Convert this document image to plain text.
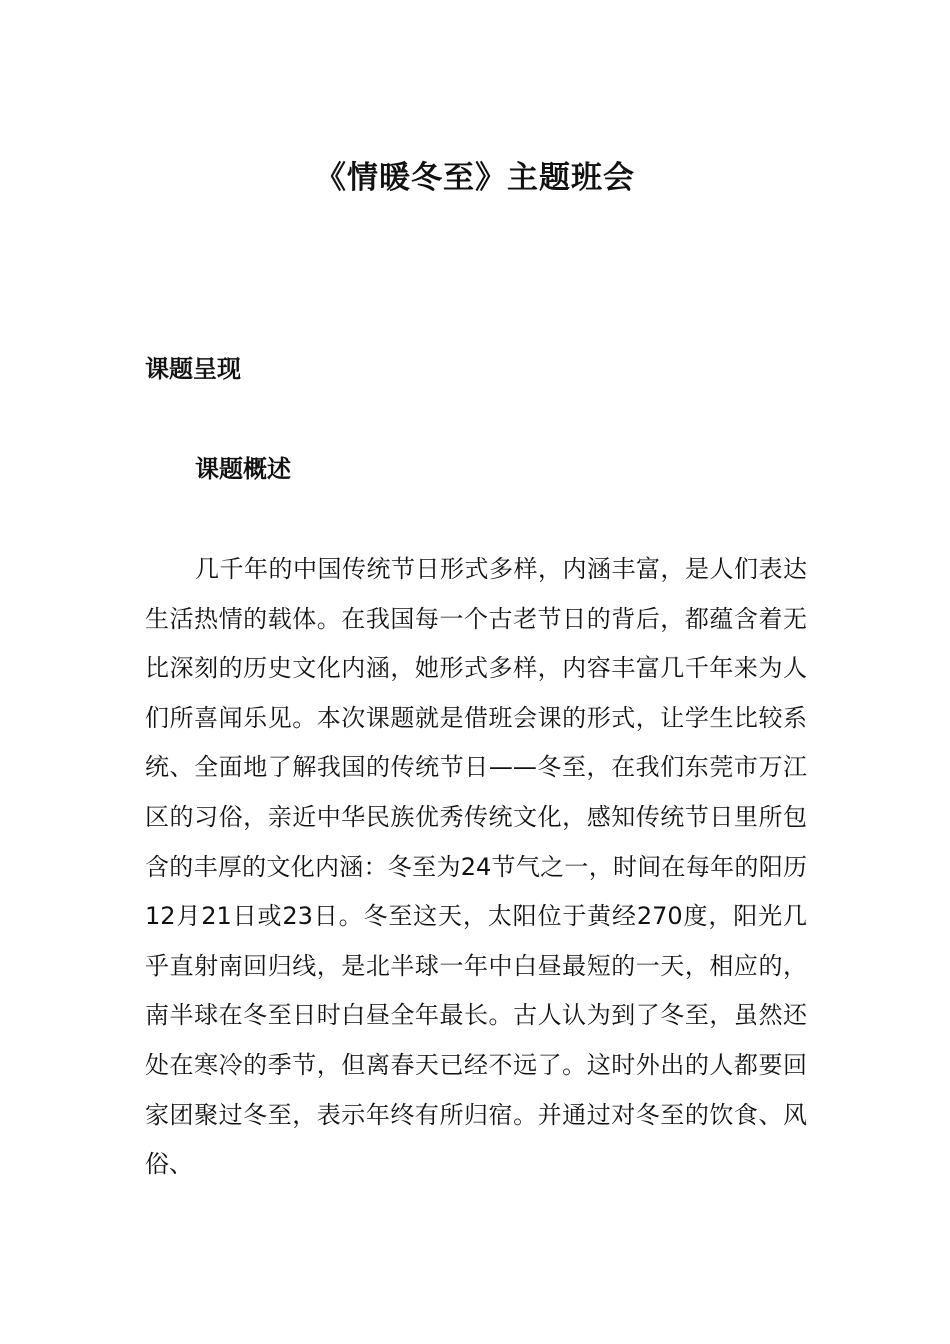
《情暖冬至》主题班会
课题呈现
课题概述

几千年的中国传统节日形式多样，内涵丰富，是人们表达生活热情的载体。在我国每一个古老节日的背后，都蕴含着无比深刻的历史文化内涵，她形式多样，内容丰富几千年来为人们所喜闻乐见。本次课题就是借班会课的形式，让学生比较系统、全面地了解我国的传统节日——冬至，在我们东莞市万江区的习俗，亲近中华民族优秀传统文化，感知传统节日里所包含的丰厚的文化内涵：冬至为24节气之一，时间在每年的阳历12月21日或23日。冬至这天，太阳位于黄经270度，阳光几乎直射南回归线，是北半球一年中白昼最短的一天，相应的，南半球在冬至日时白昼全年最长。古人认为到了冬至，虽然还处在寒冷的季节，但离春天已经不远了。这时外出的人都要回家团聚过冬至，表示年终有所归宿。并通过对冬至的饮食、风俗、
